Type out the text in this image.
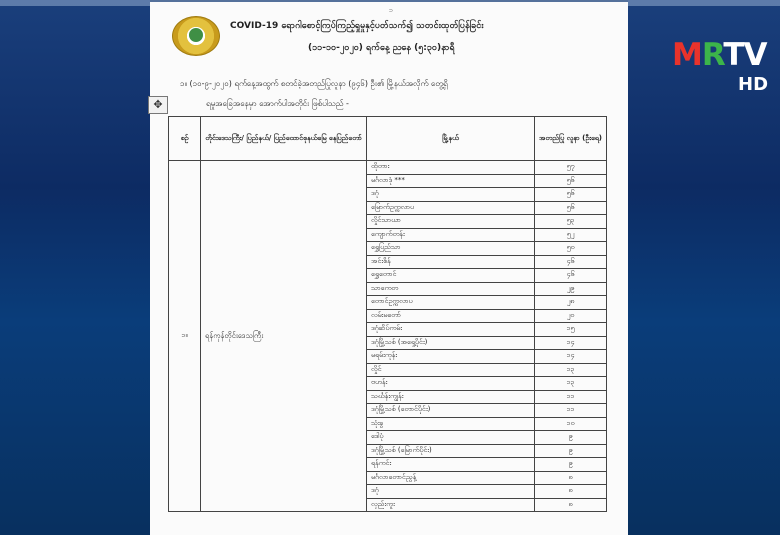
၁
COVID-19 ရောဂါစောင့်ကြပ်ကြည့်ရှုမှုနှင့်ပတ်သက်၍ သတင်းထုတ်ပြန်ခြင်း
(၁၁-၁၀-၂၀၂၀) ရက်နေ့ ညနေ (၅:၃၀)နာရီ
၁။ (၁၀-၉-၂၀၂၀) ရက်နေ့အထွက် စတင်ခဲ့အတည်ပြုလူနာ (၉၄၆) ဦး၏ မြို့နယ်အလိုက် တွေ့ရှိ
ရမှုအခြေအနေမှာ အောက်ပါအတိုင်း ဖြစ်ပါသည် -
စဉ်	တိုင်းဒေသကြီး/ ပြည်နယ်/ ပြည်ထောင်စုနယ်မြေ နေပြည်တော်	မြို့နယ်	အတည်ပြု လူနာ (ဦးရေ)
၁။	ရန်ကုန်တိုင်းဒေသကြီး	ထိုတား	၅၇
		မင်္ဂလာဒုံ ***	၅၆
		ဒဂုံ	၅၆
		မြောက်ဥက္ကလာပ	၅၆
		လှိုင်သာယာ	၅၃
		ကျောက်တန်း	၅၂
		ရွှေပြည်သာ	၅၀
		အင်းစိန်	၄၆
		ရွှေတောင်	၄၆
		သာကေတ	၂၉
		တောင်ဥက္ကလာပ	၂၈
		လမ်းမတော်	၂၀
		ဒဂုံဆိပ်ကမ်း	၁၅
		ဒဂုံမြို့သစ် (အရှေ့ပိုင်း)	၁၄
		မရမ်းကုန်း	၁၄
		လှိုင်	၁၃
		ဗဟန်း	၁၃
		သင်္ဃန်းကျွန်း	၁၁
		ဒဂုံမြို့သစ် (တောင်ပိုင်း)	၁၁
		သုံးခွ	၁၀
		ဒေါပုံ	၉
		ဒဂုံမြို့သစ် (မြောက်ပိုင်း)	၉
		ရန်ကင်း	၉
		မင်္ဂလာတောင်ညွန့်	၈
		ဒဂုံ	၈
		လှည်းကူး	၈
✥
MRTV
HD
